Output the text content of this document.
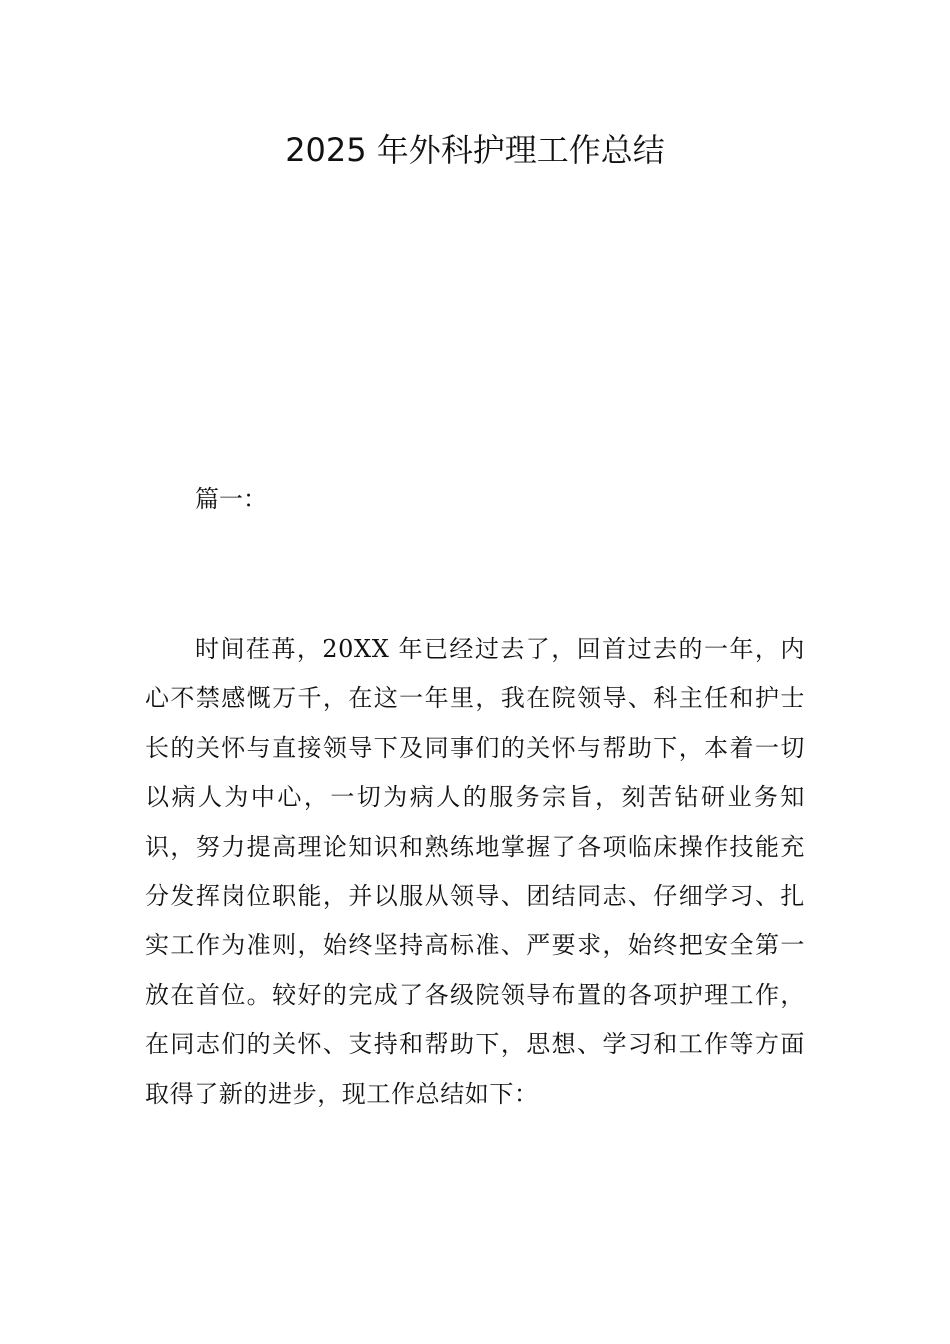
2025 年外科护理工作总结

篇一：

时间荏苒，20XX 年已经过去了，回首过去的一年，内心不禁感慨万千，在这一年里，我在院领导、科主任和护士长的关怀与直接领导下及同事们的关怀与帮助下，本着一切以病人为中心，一切为病人的服务宗旨，刻苦钻研业务知识，努力提高理论知识和熟练地掌握了各项临床操作技能充分发挥岗位职能，并以服从领导、团结同志、仔细学习、扎实工作为准则，始终坚持高标准、严要求，始终把安全第一放在首位。较好的完成了各级院领导布置的各项护理工作，在同志们的关怀、支持和帮助下，思想、学习和工作等方面取得了新的进步，现工作总结如下：
